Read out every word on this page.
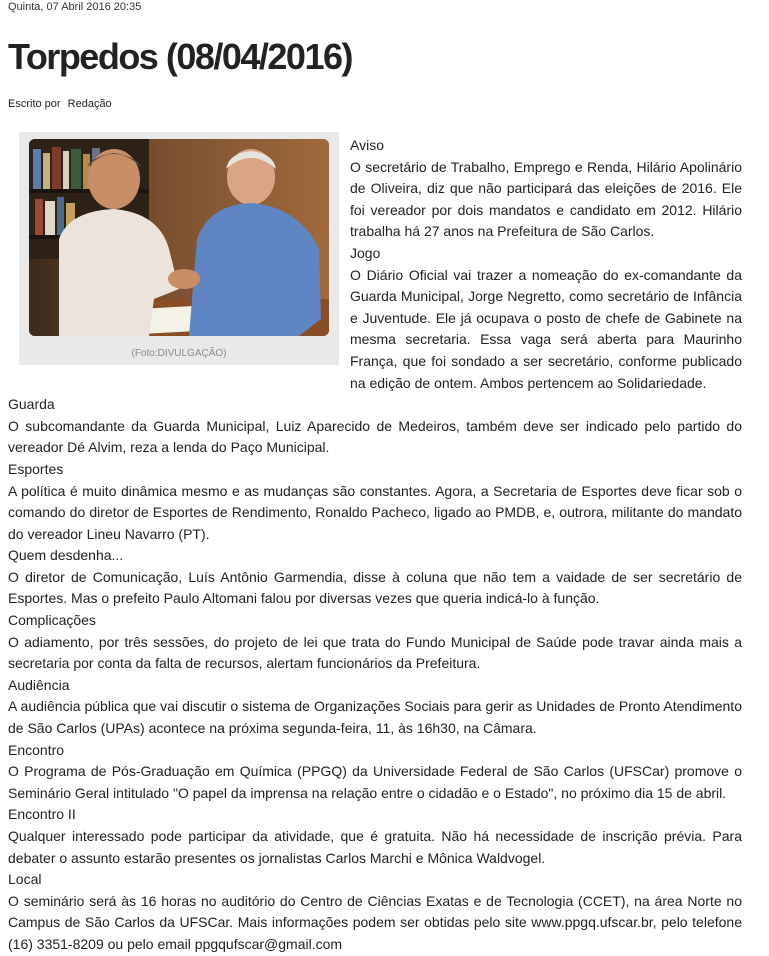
Quinta, 07 Abril 2016 20:35
Torpedos (08/04/2016)
Escrito por Redação
(Foto:DIVULGAÇÃO)

Aviso

O secretário de Trabalho, Emprego e Renda, Hilário Apolinário de Oliveira, diz que não participará das eleições de 2016. Ele foi vereador por dois mandatos e candidato em 2012. Hilário trabalha há 27 anos na Prefeitura de São Carlos.

Jogo

O Diário Oficial vai trazer a nomeação do ex-comandante da Guarda Municipal, Jorge Negretto, como secretário de Infância e Juventude. Ele já ocupava o posto de chefe de Gabinete na mesma secretaria. Essa vaga será aberta para Maurinho França, que foi sondado a ser secretário, conforme publicado na edição de ontem. Ambos pertencem ao Solidariedade.

Guarda

O subcomandante da Guarda Municipal, Luiz Aparecido de Medeiros, também deve ser indicado pelo partido do vereador Dé Alvim, reza a lenda do Paço Municipal.

Esportes

A política é muito dinâmica mesmo e as mudanças são constantes. Agora, a Secretaria de Esportes deve ficar sob o comando do diretor de Esportes de Rendimento, Ronaldo Pacheco, ligado ao PMDB, e, outrora, militante do mandato do vereador Lineu Navarro (PT).

Quem desdenha...

O diretor de Comunicação, Luís Antônio Garmendia, disse à coluna que não tem a vaidade de ser secretário de Esportes. Mas o prefeito Paulo Altomani falou por diversas vezes que queria indicá-lo à função.

Complicações

O adiamento, por três sessões, do projeto de lei que trata do Fundo Municipal de Saúde pode travar ainda mais a secretaria por conta da falta de recursos, alertam funcionários da Prefeitura.

Audiência

A audiência pública que vai discutir o sistema de Organizações Sociais para gerir as Unidades de Pronto Atendimento de São Carlos (UPAs) acontece na próxima segunda-feira, 11, às 16h30, na Câmara.

Encontro

O Programa de Pós-Graduação em Química (PPGQ) da Universidade Federal de São Carlos (UFSCar) promove o Seminário Geral intitulado "O papel da imprensa na relação entre o cidadão e o Estado", no próximo dia 15 de abril.

Encontro II

Qualquer interessado pode participar da atividade, que é gratuita. Não há necessidade de inscrição prévia. Para debater o assunto estarão presentes os jornalistas Carlos Marchi e Mônica Waldvogel.

Local

O seminário será às 16 horas no auditório do Centro de Ciências Exatas e de Tecnologia (CCET), na área Norte no Campus de São Carlos da UFSCar. Mais informações podem ser obtidas pelo site www.ppgq.ufscar.br, pelo telefone (16) 3351-8209 ou pelo email ppgqufscar@gmail.com
